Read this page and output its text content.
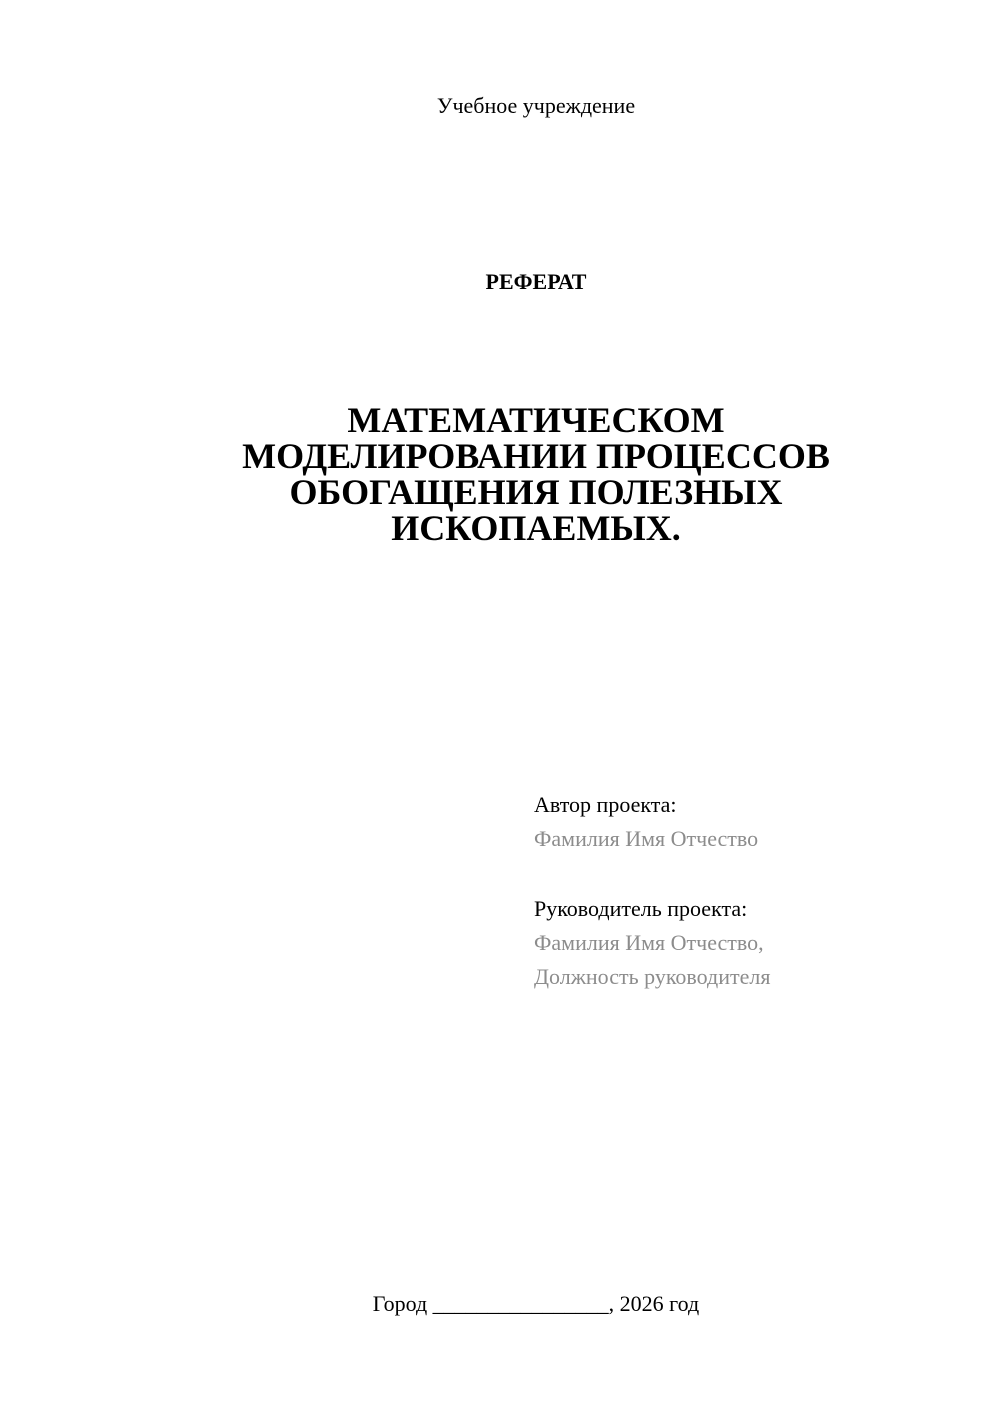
Учебное учреждение
РЕФЕРАТ
МАТЕМАТИЧЕСКОМ
МОДЕЛИРОВАНИИ ПРОЦЕССОВ
ОБОГАЩЕНИЯ ПОЛЕЗНЫХ
ИСКОПАЕМЫХ.
Автор проекта:
Фамилия Имя Отчество
Руководитель проекта:
Фамилия Имя Отчество,
Должность руководителя
Город ________________, 2026 год
